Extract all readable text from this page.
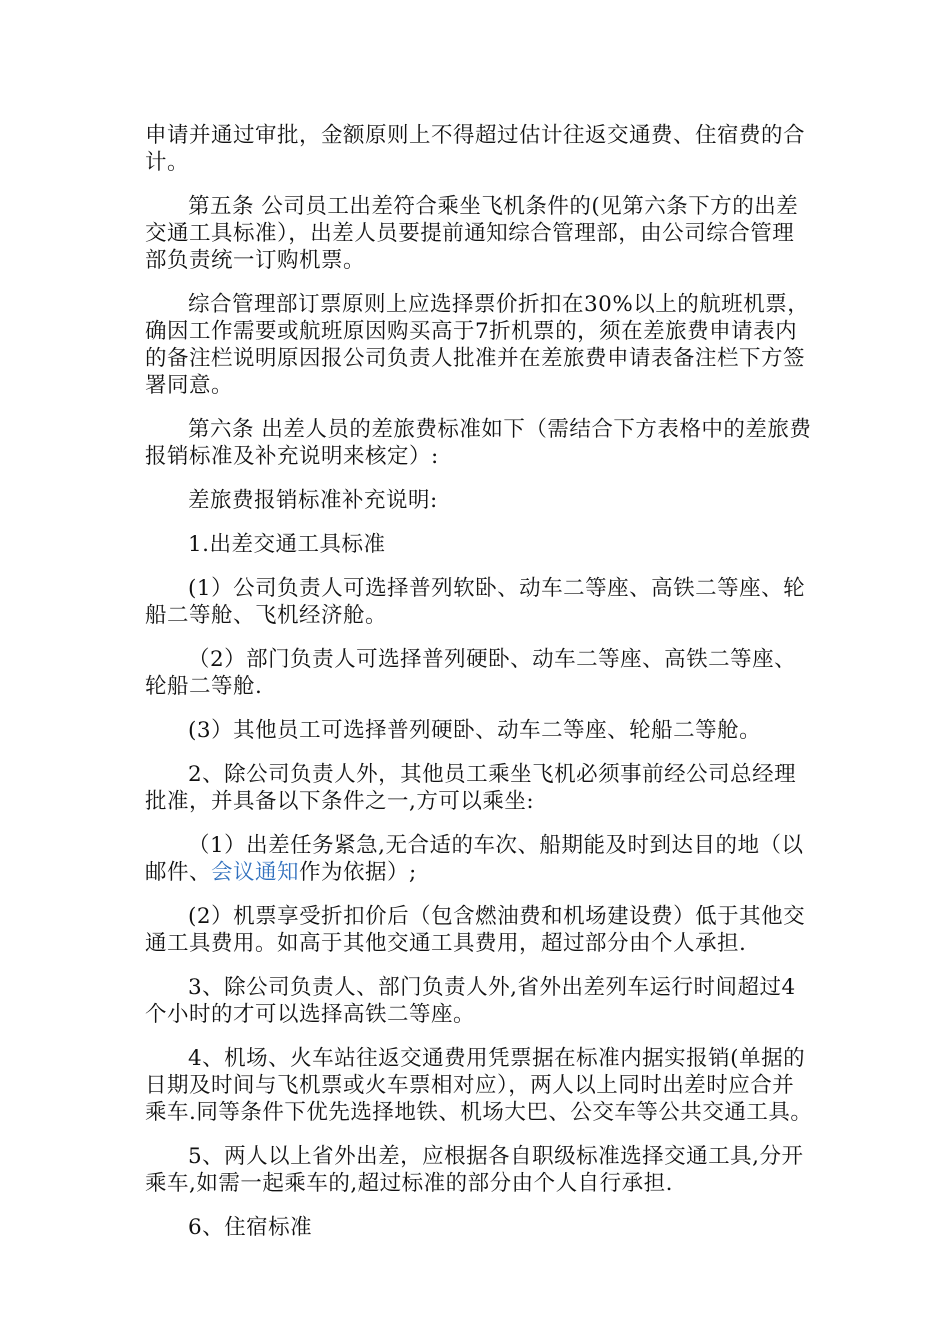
申请并通过审批，金额原则上不得超过估计往返交通费、住宿费的合计。

第五条 公司员工出差符合乘坐飞机条件的(见第六条下方的出差交通工具标准），出差人员要提前通知综合管理部，由公司综合管理部负责统一订购机票。

综合管理部订票原则上应选择票价折扣在30%以上的航班机票，确因工作需要或航班原因购买高于7折机票的，须在差旅费申请表内的备注栏说明原因报公司负责人批准并在差旅费申请表备注栏下方签署同意。

第六条 出差人员的差旅费标准如下（需结合下方表格中的差旅费报销标准及补充说明来核定）:

差旅费报销标准补充说明:

1.出差交通工具标准

(1）公司负责人可选择普列软卧、动车二等座、高铁二等座、轮船二等舱、飞机经济舱。

（2）部门负责人可选择普列硬卧、动车二等座、高铁二等座、轮船二等舱.

(3）其他员工可选择普列硬卧、动车二等座、轮船二等舱。

2、除公司负责人外，其他员工乘坐飞机必须事前经公司总经理批准，并具备以下条件之一,方可以乘坐:

（1）出差任务紧急,无合适的车次、船期能及时到达目的地（以邮件、会议通知作为依据）;

(2）机票享受折扣价后（包含燃油费和机场建设费）低于其他交通工具费用。如高于其他交通工具费用，超过部分由个人承担.

3、除公司负责人、部门负责人外,省外出差列车运行时间超过4个小时的才可以选择高铁二等座。

4、机场、火车站往返交通费用凭票据在标准内据实报销(单据的日期及时间与飞机票或火车票相对应），两人以上同时出差时应合并乘车.同等条件下优先选择地铁、机场大巴、公交车等公共交通工具。

5、两人以上省外出差，应根据各自职级标准选择交通工具,分开乘车,如需一起乘车的,超过标准的部分由个人自行承担.

6、住宿标准
